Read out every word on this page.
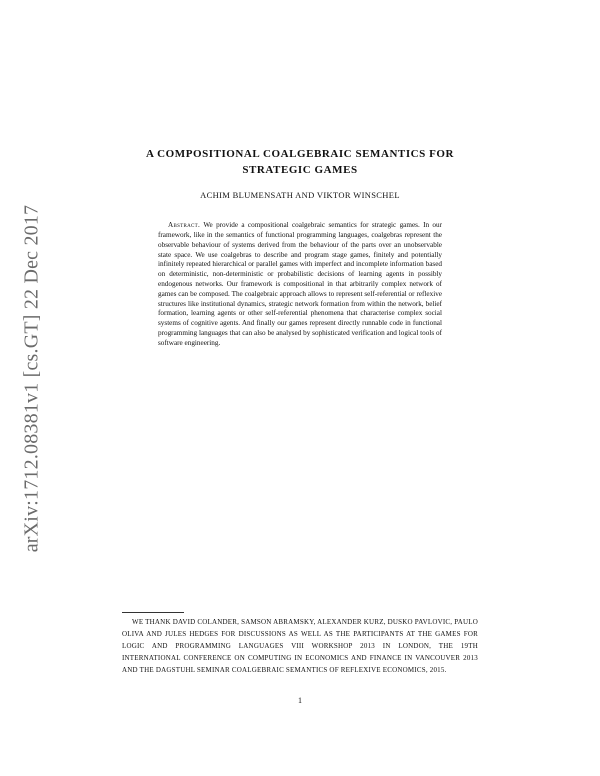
arXiv:1712.08381v1 [cs.GT] 22 Dec 2017
A COMPOSITIONAL COALGEBRAIC SEMANTICS FOR STRATEGIC GAMES
ACHIM BLUMENSATH AND VIKTOR WINSCHEL

Abstract. We provide a compositional coalgebraic semantics for strategic games. In our framework, like in the semantics of functional programming languages, coalgebras represent the observable behaviour of systems derived from the behaviour of the parts over an unobservable state space. We use coalgebras to describe and program stage games, finitely and potentially infinitely repeated hierarchical or parallel games with imperfect and incomplete information based on deterministic, non-deterministic or probabilistic decisions of learning agents in possibly endogenous networks. Our framework is compositional in that arbitrarily complex network of games can be composed. The coalgebraic approach allows to represent self-referential or reflexive structures like institutional dynamics, strategic network formation from within the network, belief formation, learning agents or other self-referential phenomena that characterise complex social systems of cognitive agents. And finally our games represent directly runnable code in functional programming languages that can also be analysed by sophisticated verification and logical tools of software engineering.

WE THANK DAVID COLANDER, SAMSON ABRAMSKY, ALEXANDER KURZ, DUSKO PAVLOVIC, PAULO OLIVA AND JULES HEDGES FOR DISCUSSIONS AS WELL AS THE PARTICIPANTS AT THE GAMES FOR LOGIC AND PROGRAMMING LANGUAGES VIII WORKSHOP 2013 IN LONDON, THE 19TH INTERNATIONAL CONFERENCE ON COMPUTING IN ECONOMICS AND FINANCE IN VANCOUVER 2013 AND THE DAGSTUHL SEMINAR COALGEBRAIC SEMANTICS OF REFLEXIVE ECONOMICS, 2015.
1
